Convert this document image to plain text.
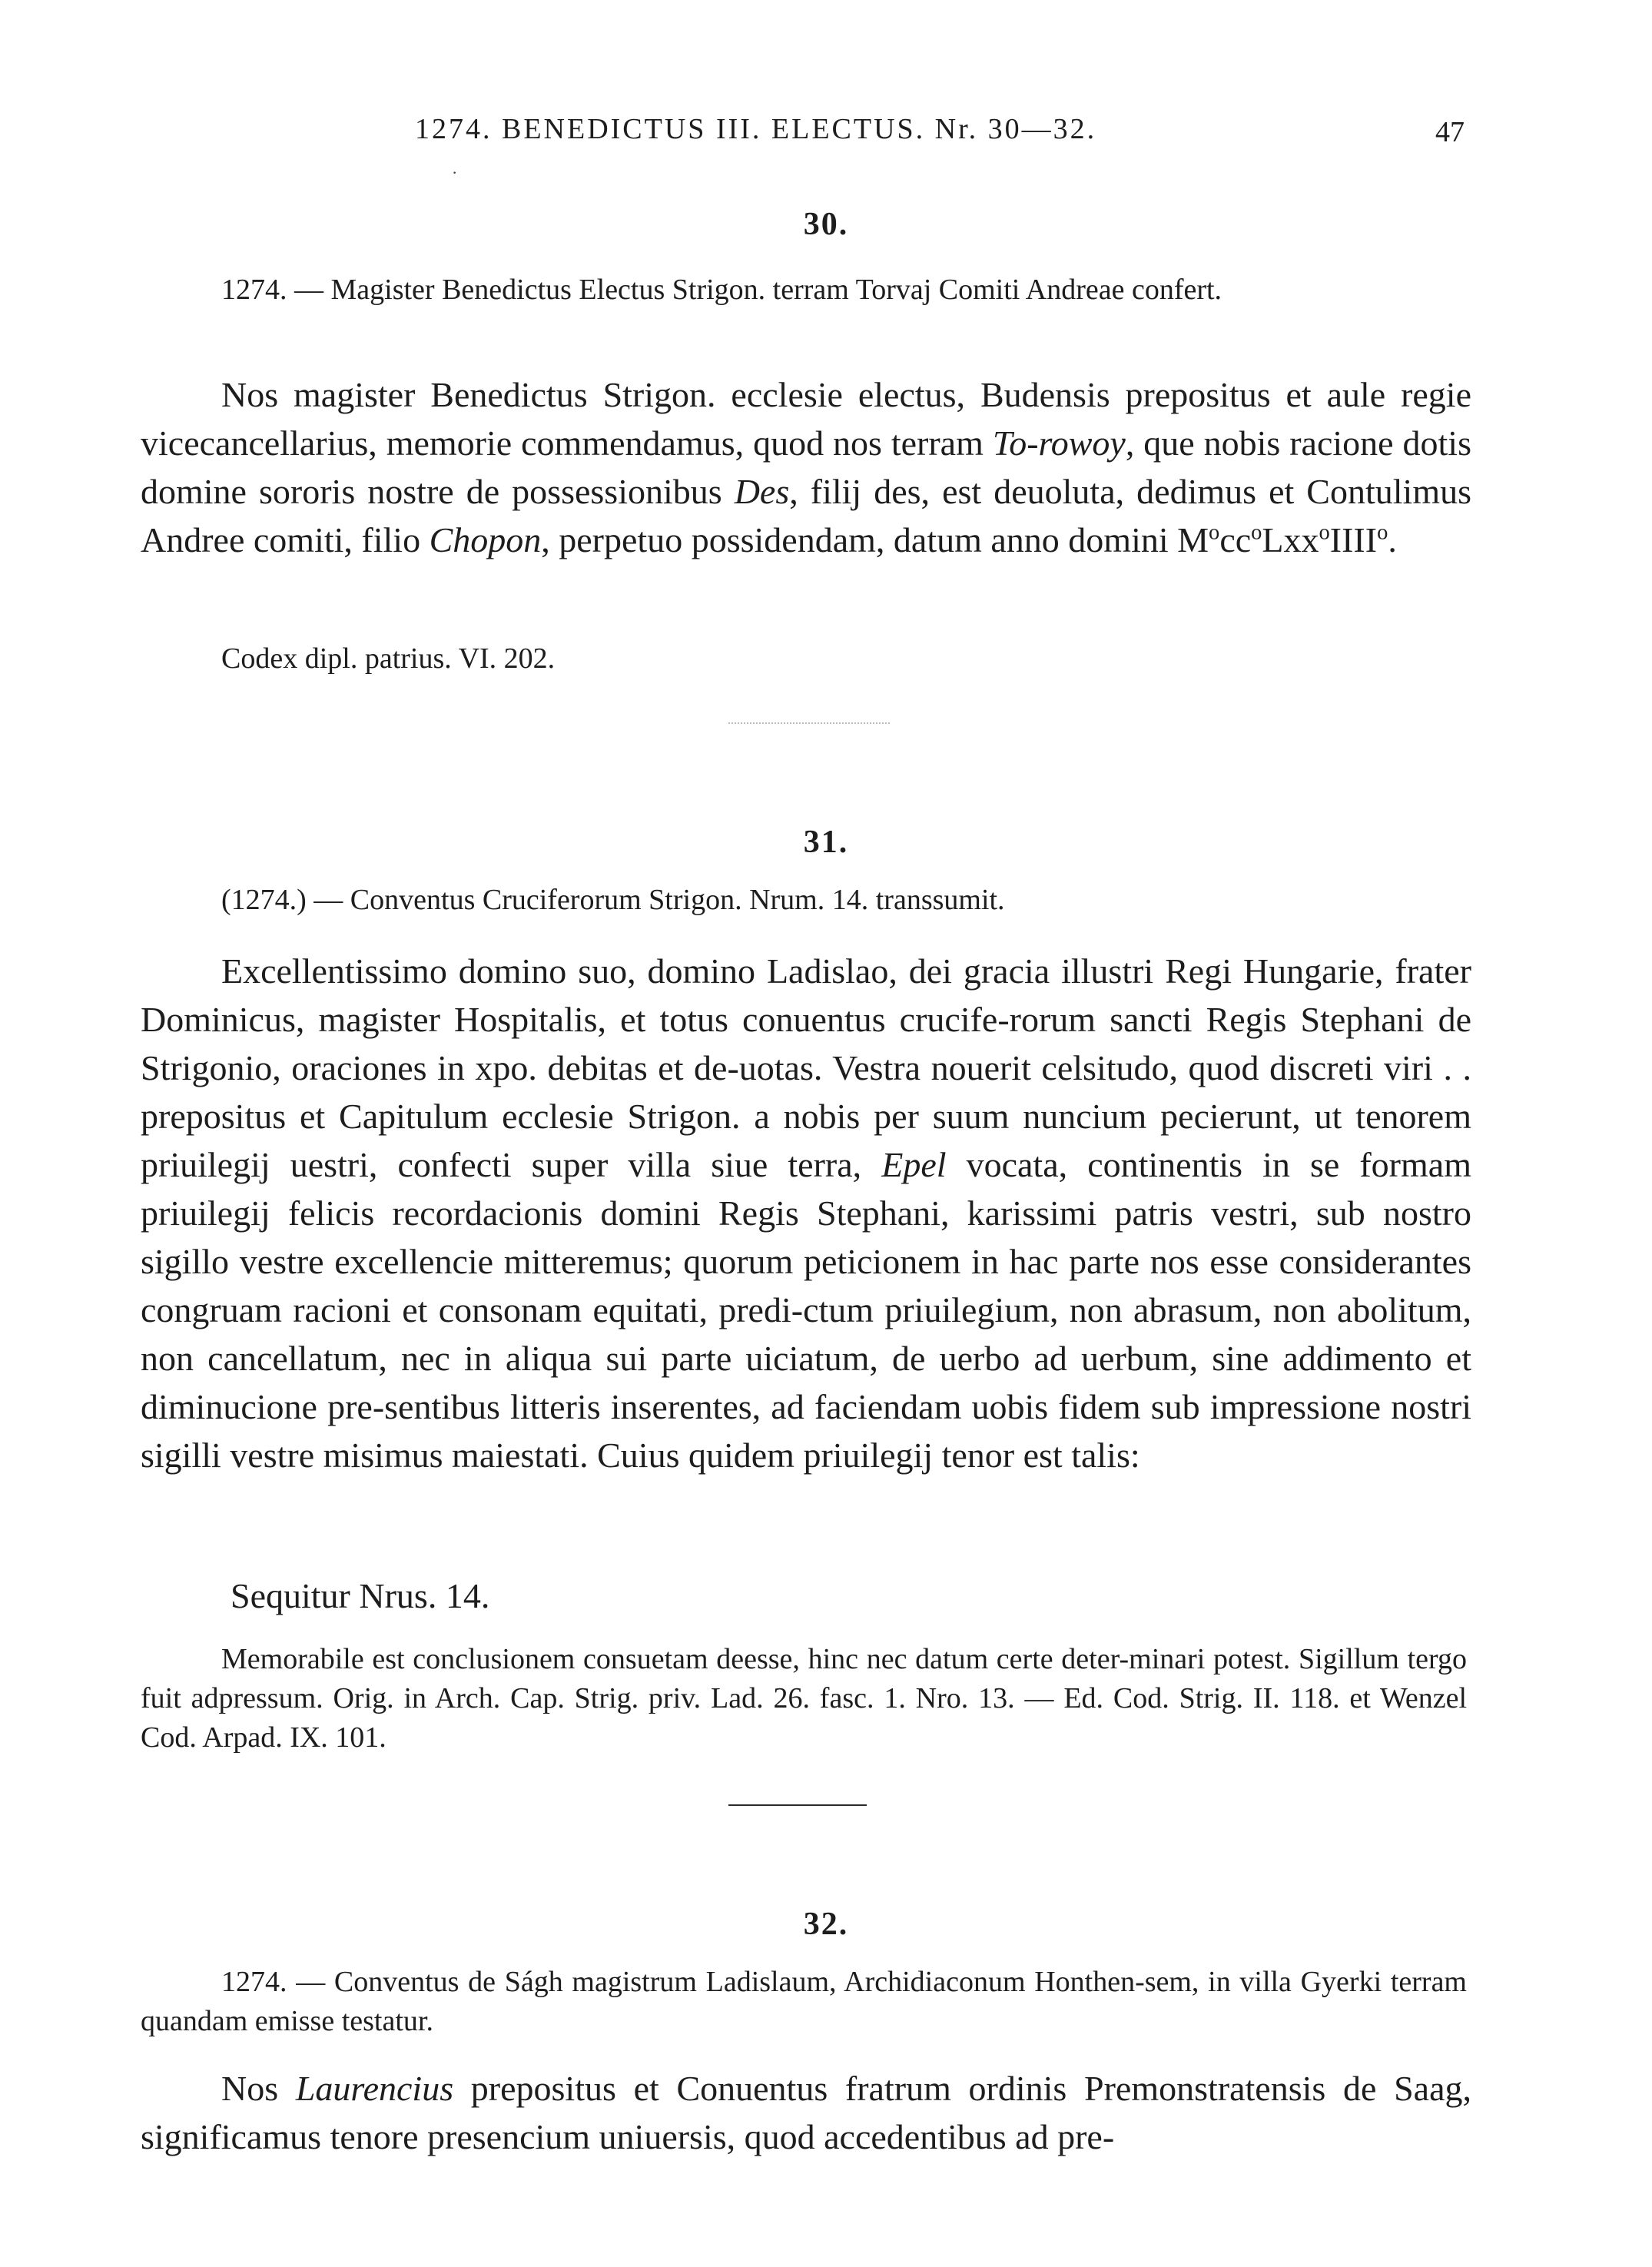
1274. BENEDICTUS III. ELECTUS. Nr. 30—32.	47
·
30.
1274. — Magister Benedictus Electus Strigon. terram Torvaj Comiti Andreae confert.
Nos magister Benedictus Strigon. ecclesie electus, Budensis prepositus et aule regie vicecancellarius, memorie commendamus, quod nos terram To-rowoy, que nobis racione dotis domine sororis nostre de possessionibus Des, filij des, est deuoluta, dedimus et Contulimus Andree comiti, filio Chopon, perpetuo possidendam, datum anno domini $M^occ^oLxx^oIIII^o$.
Codex dipl. patrius. VI. 202.
31.
(1274.) — Conventus Cruciferorum Strigon. Nrum. 14. transsumit.
Excellentissimo domino suo, domino Ladislao, dei gracia illustri Regi Hungarie, frater Dominicus, magister Hospitalis, et totus conuentus crucife-rorum sancti Regis Stephani de Strigonio, oraciones in xpo. debitas et de-uotas. Vestra nouerit celsitudo, quod discreti viri . . prepositus et Capitulum ecclesie Strigon. a nobis per suum nuncium pecierunt, ut tenorem priuilegij uestri, confecti super villa siue terra, Epel vocata, continentis in se formam priuilegij felicis recordacionis domini Regis Stephani, karissimi patris vestri, sub nostro sigillo vestre excellencie mitteremus; quorum peticionem in hac parte nos esse considerantes congruam racioni et consonam equitati, predi-ctum priuilegium, non abrasum, non abolitum, non cancellatum, nec in aliqua sui parte uiciatum, de uerbo ad uerbum, sine addimento et diminucione pre-sentibus litteris inserentes, ad faciendam uobis fidem sub impressione nostri sigilli vestre misimus maiestati. Cuius quidem priuilegij tenor est talis:
Sequitur Nrus. 14.
Memorabile est conclusionem consuetam deesse, hinc nec datum certe deter-minari potest. Sigillum tergo fuit adpressum. Orig. in Arch. Cap. Strig. priv. Lad. 26. fasc. 1. Nro. 13. — Ed. Cod. Strig. II. 118. et Wenzel Cod. Arpad. IX. 101.
32.
1274. — Conventus de Ságh magistrum Ladislaum, Archidiaconum Honthen-sem, in villa Gyerki terram quandam emisse testatur.
Nos Laurencius prepositus et Conuentus fratrum ordinis Premonstratensis de Saag, significamus tenore presencium uniuersis, quod accedentibus ad pre-
